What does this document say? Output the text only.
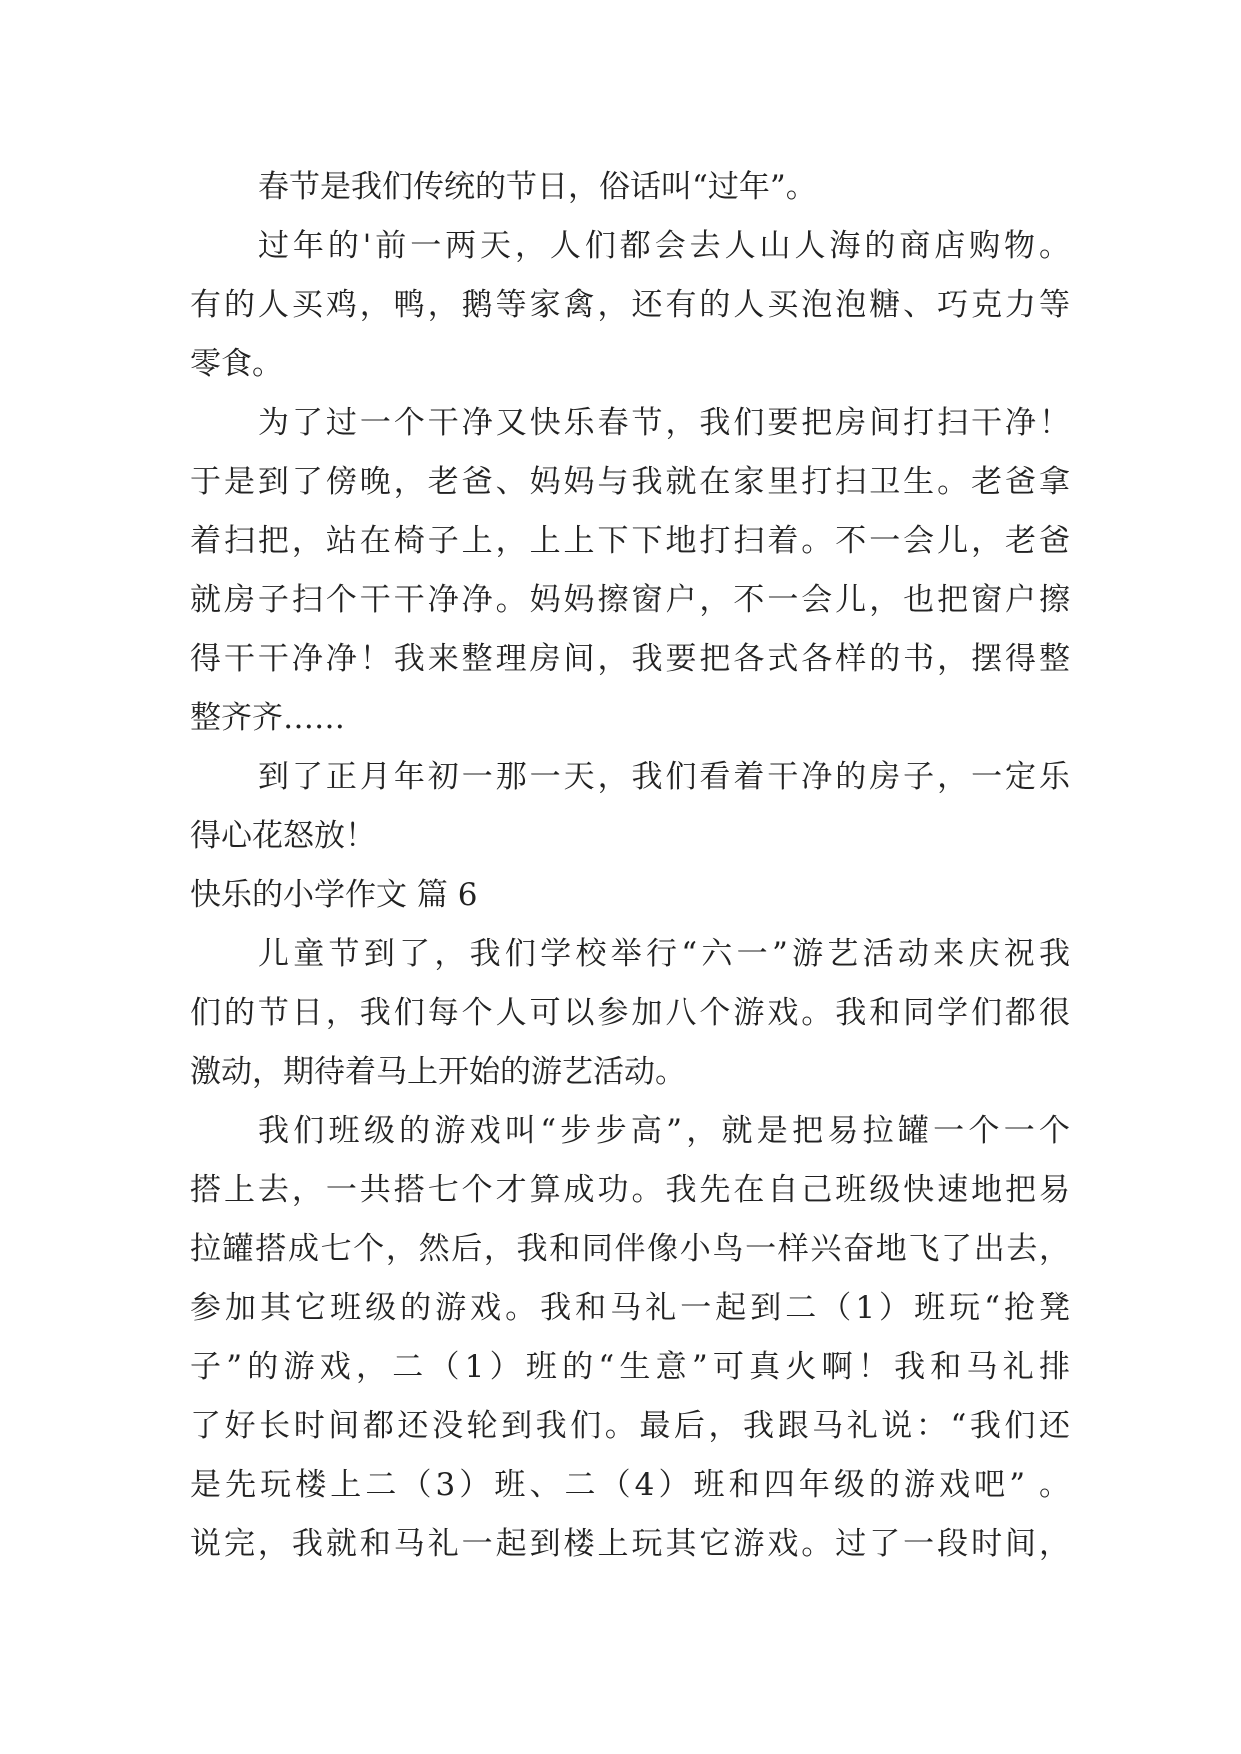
春节是我们传统的节日，俗话叫“过年”。
过年的'前一两天，人们都会去人山人海的商店购物。
有的人买鸡，鸭，鹅等家禽，还有的人买泡泡糖、巧克力等
零食。
为了过一个干净又快乐春节，我们要把房间打扫干净！
于是到了傍晚，老爸、妈妈与我就在家里打扫卫生。老爸拿
着扫把，站在椅子上，上上下下地打扫着。不一会儿，老爸
就房子扫个干干净净。妈妈擦窗户，不一会儿，也把窗户擦
得干干净净！我来整理房间，我要把各式各样的书，摆得整
整齐齐……
到了正月年初一那一天，我们看着干净的房子，一定乐
得心花怒放！
快乐的小学作文 篇 6
儿童节到了，我们学校举行“六一”游艺活动来庆祝我
们的节日，我们每个人可以参加八个游戏。我和同学们都很
激动，期待着马上开始的游艺活动。
我们班级的游戏叫“步步高”，就是把易拉罐一个一个
搭上去，一共搭七个才算成功。我先在自己班级快速地把易
拉罐搭成七个，然后，我和同伴像小鸟一样兴奋地飞了出去，
参加其它班级的游戏。我和马礼一起到二（1）班玩“抢凳
子”的游戏，二（1）班的“生意”可真火啊！我和马礼排
了好长时间都还没轮到我们。最后，我跟马礼说：“我们还
是先玩楼上二（3）班、二（4）班和四年级的游戏吧” 。
说完，我就和马礼一起到楼上玩其它游戏。过了一段时间，
